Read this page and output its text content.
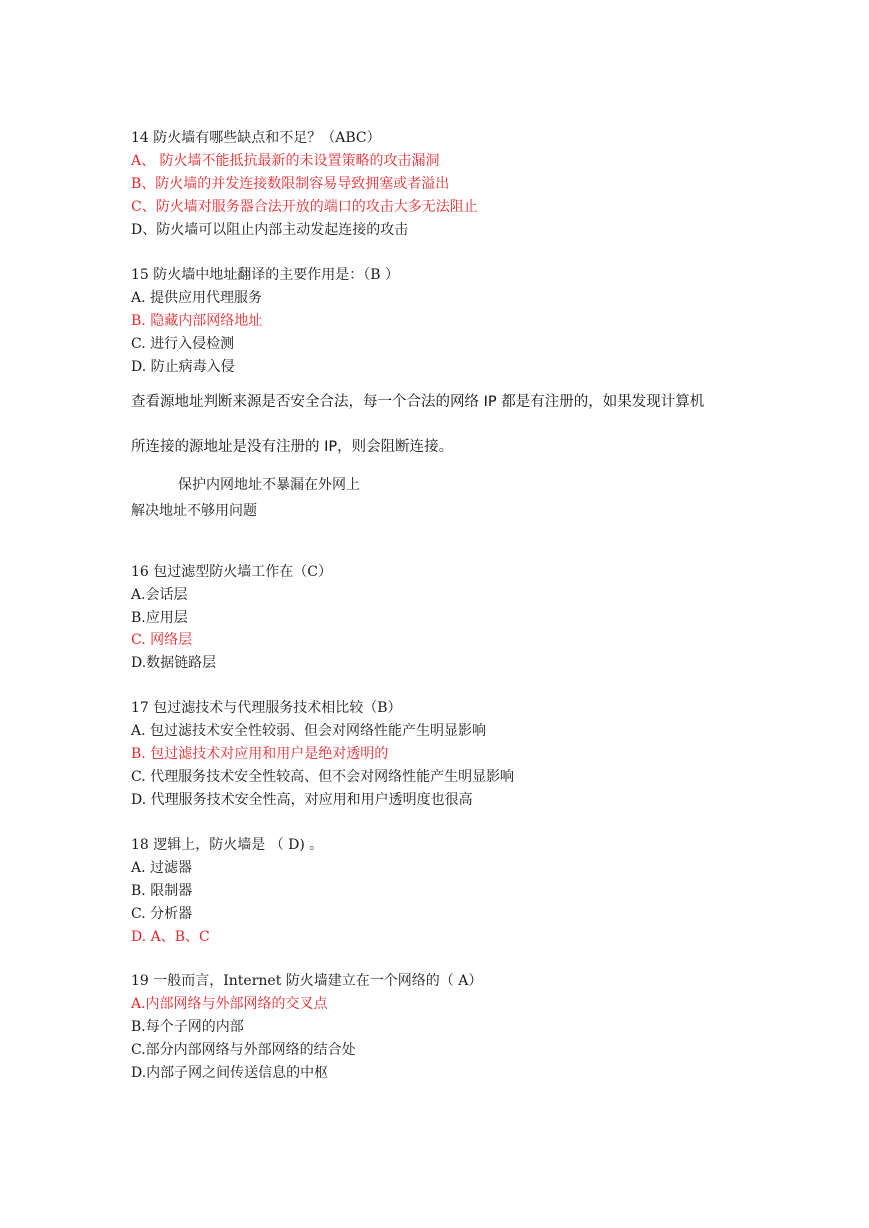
14 防火墙有哪些缺点和不足？（ABC）
A、 防火墙不能抵抗最新的未设置策略的攻击漏洞
B、防火墙的并发连接数限制容易导致拥塞或者溢出
C、防火墙对服务器合法开放的端口的攻击大多无法阻止
D、防火墙可以阻止内部主动发起连接的攻击
15 防火墙中地址翻译的主要作用是：（B ）
A. 提供应用代理服务
B. 隐藏内部网络地址
C. 进行入侵检测
D. 防止病毒入侵
查看源地址判断来源是否安全合法，每一个合法的网络 IP 都是有注册的，如果发现计算机
所连接的源地址是没有注册的 IP，则会阻断连接。
保护内网地址不暴漏在外网上
解决地址不够用问题
16 包过滤型防火墙工作在（C）
A.会话层
B.应用层
C. 网络层
D.数据链路层
17 包过滤技术与代理服务技术相比较（B）
A. 包过滤技术安全性较弱、但会对网络性能产生明显影响
B. 包过滤技术对应用和用户是绝对透明的
C. 代理服务技术安全性较高、但不会对网络性能产生明显影响
D. 代理服务技术安全性高，对应用和用户透明度也很高
18 逻辑上，防火墙是 （ D) 。
A. 过滤器
B. 限制器
C. 分析器
D. A、B、C
19 一般而言，Internet 防火墙建立在一个网络的（ A）
A.内部网络与外部网络的交叉点
B.每个子网的内部
C.部分内部网络与外部网络的结合处
D.内部子网之间传送信息的中枢
